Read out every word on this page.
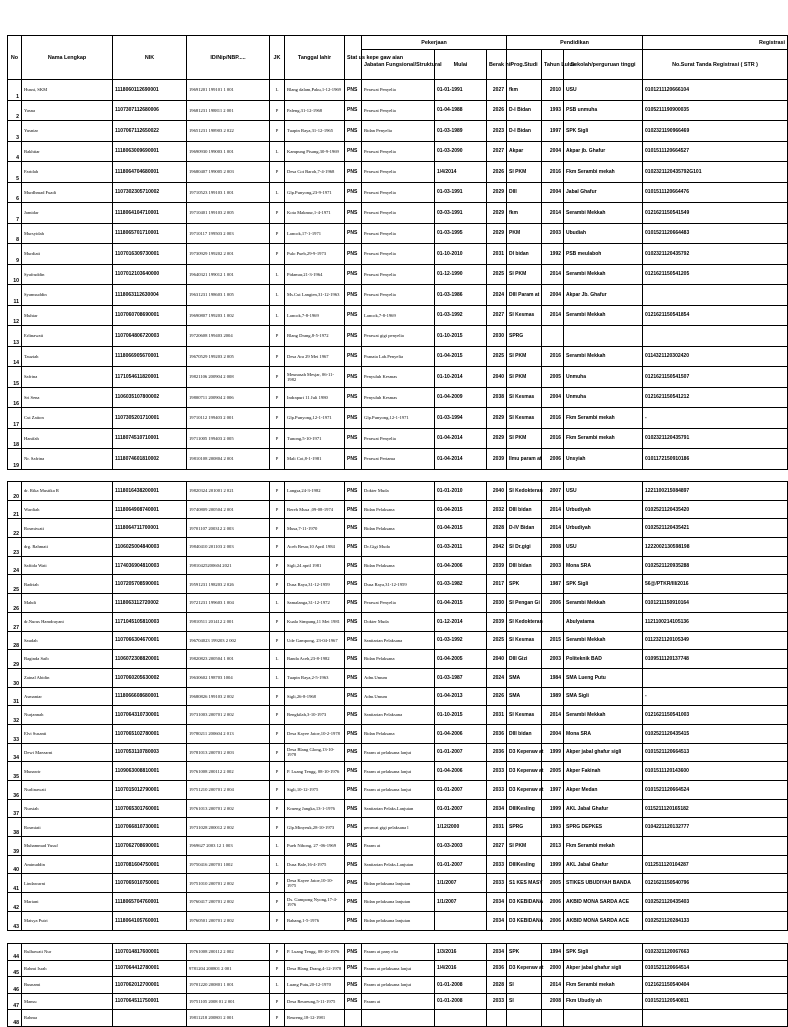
No	Nama Lengkap	NIK	ID/Nip/NBP.....	JK	Tanggal lahir	Stat us kepe gaw aian	Pekerjaan			Pendidikan			Registrasi
							Jabatan Fungsional/Struktural	Mulai	Berak hir	Prog.Studi	Tahun Lulus	Sekolah/perguruan tinggi	No.Surat Tanda Registrasi ( STR )
1	Husni, SKM	1118060112690001	19691201 199101 1 001	L	Blang dalam,Paku,1-12-1969	PNS	Perawat Penyelia	01-01-1991	2027	fkm	2010	USU	0101211120666104
2	Yasna	1107307112680006	19681231 198811 2 001	P	Paleng,31-12-1968	PNS	Perawat Penyelia	01-04-1988	2026	D-I Bidan	1993	PSB unmuha	0105211190900035
3	Yusniar	1107067112650022	19651231 198903 2 022	P	Tuapin Raya,31-12-1965	PNS	Bidan Penyelia	01-03-1989	2023	D-I Bidan	1997	SPK Sigli	0102321190966469
4	Bakhtiar	1118063009690001	19690930 199003 1 001	L	Kampung Pisang,30-9-1969	PNS	Perawat Penyelia	01-03-2090	2027	Akpar	2004	Akpar jb. Ghafur	0101511120664527
5	Faridah	1118064704680001	19680407 199005 2 003	P	Desa Cot Baroh,7-4-1968	PNS	Perawat Penyelia	1/4/2014	2026	SI PKM	2016	Fkm Serambi mekah	0102321120435792G101
6	Murdhmad Fuadi	1107302305710002	19710523 199103 1 001	L	Glp.Punyong,23-9-1971	PNS	Perawat Penyelia	01-03-1991	2029	DIII	2004	Jabal Ghafur	0101511120664476
7	Jamidar	1118064104710001	19710401 199103 2 005	P	Kota Makmur,1-4-1971	PNS	Perawat Penyelia	03-03-1991	2029	fkm	2014	Serambi Mekkah	0121621150541549
8	Mursyidah	1118065701710001	19710117 199503 2 003	P	Lancok,17-1-1971	PNS	Perawat Penyelia	01-03-1995	2029	PKM	2003	Ubudiah	0101521120664483
9	Murdiati	1107016309730001	19730929 199202 2 001	P	Pulo Pueb,29-9-1973	PNS	Perawat Penyelia	01-10-2010	2031	DI bidan	1992	PSB meulaboh	0102321120435792
10	Syafruddin	1107012103640000	19640321 199012 1 001	L	Pidamar,21-3-1964	PNS	Perawat Penyelia	01-12-1990	2025	SI PKM	2014	Serambi Mekkah	0121621150541205
11	Syamsuddin	1118063112630004	19631231 198603 1 005	L	Ms.Cut Langien,31-12-1963	PNS	Perawat Penyelia	01-03-1986	2024	DIII Param at	2004	Akpar Jb. Ghafur	
12	Muhtar	1107060708690001	19690807 199203 1 002	L	Lancok,7-8-1969	PNS	Lancok,7-8-1969	01-03-1992	2027	SI Kesmas	2014	Serambi Mekkah	0121621150541854
13	Erlinawati	1107064806720003	19720608 199403 2004	P	Blang Drang,8-5-1972	PNS	Perawat gigi penyelia	01-10-2015	2030	SPRG			
14	Tauziah	1118066905670001	19670529 199203 2 005	P	Desa Ara 29 Mei 1967	PNS	Pranata Lab.Penyelia	01-04-2015	2025	SI PKM	2016	Serambi Mekkah	0114321120302420
15	Safrina	1171054611820001	19821106 200904 2 008	P	Meunasah Mesjar, 06-11-1982	PNS	Penyuluh Kesmas	01-10-2014	2040	SI PKM	2005	Unmuha	0121621150541507
16	Sri Sena	1106035107800002	19800711 200904 2 006	P	Indrapuri 11 Juli 1980	PNS	Penyuluh Kesmas	01-04-2009	2038	SI Kesmas	2004	Unmuha	0121621150541212
17	Cut Zaiton	1107305201710001	19710112 199403 2 001	P	Glp.Punyong,12-1-1971	PNS	Glp.Punyong,12-1-1971	01-03-1994	2029	SI Kesmas	2016	Fkm Serambi mekah	-
18	Hanifah	1118074510710001	19711005 199403 2 005	P	Tunong,5-10-1971	PNS	Perawat Penyelia	01-04-2014	2029	SI PKM	2016	Fkm Serambi mekah	0102321120435791
19	Nr. Safrina	1118074601810002	19810108 200804 2 001	P	Mali Cot,8-1-1981	PNS	Perawat Pertama	01-04-2014	2039	Ilmu param at	2006	Unsyiah	0101172150910186
20	dr. Rika Mustika R	1118016438200001	19820324 201001 2 021	P	Langsa,24-3-1982	PNS	Dokter Muda	01-01-2010	2040	SI Kedokteran	2007	USU	1221100215084897
21	Wardiah	1118064908740001	19740809 200504 2 001	P	Bereh Musa ,09-08-1974	PNS	Bidan Pelaksana	01-04-2015	2032	DIII bidan	2014	Urbudiyah	0102521120435420
22	Rosmiwati	1118064711700001	19701107 200312 2 003	P	Musa,7-11-1970	PNS	Bidan Pelaksana	01-04-2015	2028	D-IV Bidan	2014	Urbudiyah	0102521120435421
23	drg. Rahmati	1106025004840003	19840410 201103 2 003	P	Aceh Besar,10 April 1984	PNS	Dr.Gigi Muda	01-03-2011	2042	SI Dr.gigi	2008	USU	1222002130598198
24	Saftida Wati	1174036904810003	19810425200604 2021	P	Sigli,24 april 1981	PNS	Bidan Pelaksana	01-04-2006	2039	DIII bidan	2003	Mona SRA	0102521120935288
25	Badriah	1107205708590001	19591231 198203 2 026	P	Dusa Raya,31-12-1959	PNS	Dusa Raya,31-12-1959	01-03-1982	2017	SPK	1987	SPK Sigli	56@/PTKR/III/2016
26	Mahdi	1118063112720002	19721231 199603 1 004	L	Samalanga,31-12-1972	PNS	Perawat Penyelia	01-04-2015	2030	SI Pengan Gi	2006	Serambi Mekkah	0101211150910164
27	dr.Nurus Hamdrayani	1171045105810003	19810511 201412 2 001	P	Kuala Simpang,11 Mei 1981	PNS	Dokter Muda	01-12-2014	2039	SI Kedokteran		Abulyatama	1121100214105136
28	Saudah	1107066304670001	196704023 199203 2 002	P	Ude Gampong, 23-04-1967	PNS	Sanitarian Pelaksana	01-03-1992	2025	SI Kesmas	2015	Serambi Mekkah	0112321120105349
29	Baginda Saib	1106072308820001	19820823 200504 1 001	L	Banda Aceh,23-8-1982	PNS	Bidan Pelaksana	01-04-2005	2040	DIII Gizi	2003	Politeknik BAD	0109511120137748
30	Zainal Abidin	1107060205630002	19630602 198703 1004	L	Tuapin Raya,2-5-1963	PNS	Adm.Umum	01-03-1987	2024	SMA	1984	SMA Lueng Putu	
31	Asmaniar	1118066608680001	19680826 199103 2 002	P	Sigli,26-8-1968	PNS	Adm.Umum	01-04-2013	2026	SMA	1989	SMA Sigli	-
32	Nurjannah	1107064310730001	19731003 200701 2 002	P	Bengkilah,3-10-1973	PNS	Sanitarian Pelaksana	01-10-2015	2031	SI Kesmas	2014	Serambi Mekkah	0121621150541003
33	Elvi Susanti	1107065102780001	19780211 200604 2 013	P	Desa Kayee Jatoe,10-2-1978	PNS	Bidan Pelaksana	01-04-2006	2036	DIII bidan	2004	Mona SRA	0102521120435415
34	Dewi Maezarni	1107053110780003	19781013 200701 2 003	P	Desa Blang Glong,13-10-1978	PNS	Param at pelaksana lanjut	01-01-2007	2036	D3 Keperaw at	1999	Akper jabal ghafur sigli	0101521120664513
35	Munawir	1109063008810001	19761008 200112 2 002	P	P. Luang Tengg, 08-10-1976	PNS	Param at pelaksana lanjut	01-04-2006	2033	D3 Keperaw at	2005	Akper Fakinah	0101511120143600
36	Nurlinawati	1107015012790001	19751210 200701 2 004	P	Sigli,10-12-1975	PNS	Param at pelaksana lanjut	01-01-2007	2033	D3 Keperaw at	1997	Akper Medan	0101521120664524
37	Nursiah	1107065301760001	19761013 200701 2 002	P	Krueng Jangka,13-1-1976	PNS	Sanitarian Pelaks.Lanjutan	01-01-2007	2034	DIIIKesling	1999	AKL Jabal Ghafur	0115211120165182
38	Rosmiati	1107066810730001	19731028 200012 2 002	P	Glp.Minyeuk,28-10-1973	PNS	perawat gigi pelaksana l	1/12/2000	2031	SPRG	1993	SPRG DEPKES	0104221120132777
39	Muhammad Yusuf	1107062708690001	1969627 2003 12 1 003	L	Pueb Nibong, 27 -06-1969	PNS	Param at	01-03-2003	2027	SI PKM	2013	Fkm Serambi mekah	
40	Aminuddin	1107081604750001	19750416 200701 1002	L	Dusa Bale,16-4-1975	PNS	Sanitarian Pelaks.Lanjutan	01-01-2007	2033	DIIIKesling	1999	AKL Jabal Ghafur	0112511120104287
41	Lindawarni	1107065010750001	19751010 200701 2 002	P	Desa Kayee Jatoe,10-10-1975	PNS	Bidan pelaksana lanjutan	1/1/2007	2033	S1 KES MASY	2005	STIKES UBUDIYAH BANDA	0121621150540796
42	Mariani	1118065704760001	19760417 200701 2 002	P	Ds. Gampong Nyong,17-4-1976	PNS	Bidan pelaksana lanjutan	1/1/2007	2034	D3 KEBIDANA	2006	AKBID MONA SARDA ACE	0102521120435403
43	Maisya Putri	1118064105760001	19760501 200701 2 002	P	Bahang,1-5-1976	PNS	Bidan pelaksana lanjutan		2034	D3 KEBIDANA	2006	AKBID MONA SARDA ACE	0102521120284133
44	Rulhawati Nur	1107014817600001	19761008 200112 2 002	P	P. Luang Tengg, 08-10-1976	PNS	Param at pany elia	1/3/2016	2034	SPK	1994	SPK Sigli	0102321120067663
45	Rahmi Israh	1107064412780001	9781204 200801 2 001	P	Desa Blang Drang,4-12-1978	PNS	Param at pelaksana lanjut	1/4/2016	2036	D3 Keperaw at	2000	Akper jabal ghafur sigli	0101521120664514
46	Busnami	1107062012700001	19701220 200801 1 001	L	Luang Putu,20-12-1970	PNS	Param at pelaksana lanjut	01-01-2008	2028	SI	2014	Fkm Serambi mekah	0121621150540404
47	Mansu	1107064511750001	19751105 2008 01 2 001	P	Desa Reureung,5-11-1975	PNS	Param at	01-01-2008	2033	SI	2008	Fkm Ubudiy ah	0101521120540811
48	Rahma		19811218 200801 2 001	P	Reureng,18-12-1981								
